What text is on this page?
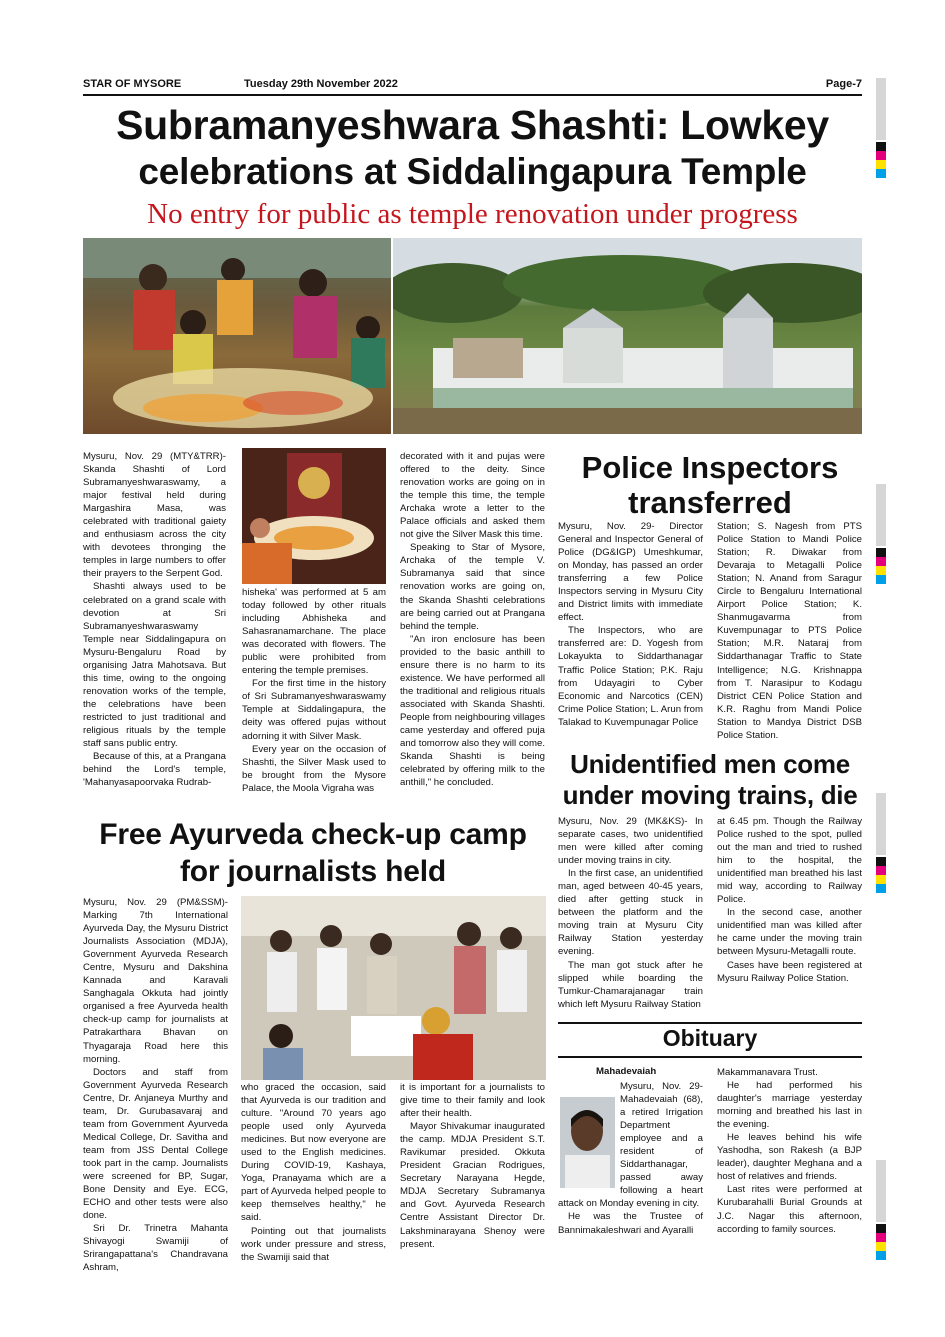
STAR OF MYSORE	Tuesday 29th November 2022	Page-7
Subramanyeshwara Shashti: Lowkey
celebrations at Siddalingapura Temple
No entry for public as temple renovation under progress

Mysuru, Nov. 29 (MTY&TRR)- Skanda Shashti of Lord Subramanyeshwaraswamy, a major festival held during Margashira Masa, was celebrated with traditional gaiety and enthusiasm across the city with devotees thronging the temples in large numbers to offer their prayers to the Serpent God.

Shashti always used to be celebrated on a grand scale with devotion at Sri Subramanyeshwaraswamy Temple near Siddalingapura on Mysuru-Bengaluru Road by organising Jatra Mahotsava. But this time, owing to the ongoing renovation works of the temple, the celebrations have been restricted to just traditional and religious rituals by the temple staff sans public entry.

Because of this, at a Prangana behind the Lord's temple, 'Mahanyasapoorvaka Rudrab-

hisheka' was performed at 5 am today followed by other rituals including Abhisheka and Sahasranamarchane. The place was decorated with flowers. The public were prohibited from entering the temple premises.

For the first time in the history of Sri Subramanyeshwaraswamy Temple at Siddalingapura, the deity was offered pujas without adorning it with Silver Mask.

Every year on the occasion of Shashti, the Silver Mask used to be brought from the Mysore Palace, the Moola Vigraha was

decorated with it and pujas were offered to the deity. Since renovation works are going on in the temple this time, the temple Archaka wrote a letter to the Palace officials and asked them not give the Silver Mask this time.

Speaking to Star of Mysore, Archaka of the temple V. Subramanya said that since renovation works are going on, the Skanda Shashti celebrations are being carried out at Prangana behind the temple.

"An iron enclosure has been provided to the basic anthill to ensure there is no harm to its existence. We have performed all the traditional and religious rituals associated with Skanda Shashti. People from neighbouring villages came yesterday and offered puja and tomorrow also they will come. Skanda Shashti is being celebrated by offering milk to the anthill," he concluded.

Police Inspectors
transferred

Mysuru, Nov. 29- Director General and Inspector General of Police (DG&IGP) Umeshkumar, on Monday, has passed an order transferring a few Police Inspectors serving in Mysuru City and District limits with immediate effect.

The Inspectors, who are transferred are: D. Yogesh from Lokayukta to Siddarthanagar Traffic Police Station; P.K. Raju from Udayagiri to Cyber Economic and Narcotics (CEN) Crime Police Station; L. Arun from Talakad to Kuvempunagar Police

Station; S. Nagesh from PTS Police Station to Mandi Police Station; R. Diwakar from Devaraja to Metagalli Police Station; N. Anand from Saragur Circle to Bengaluru International Airport Police Station; K. Shanmugavarma from Kuvempunagar to PTS Police Station; M.R. Nataraj from Siddarthanagar Traffic to State Intelligence; N.G. Krishnappa from T. Narasipur to Kodagu District CEN Police Station and K.R. Raghu from Mandi Police Station to Mandya District DSB Police Station.

Unidentified men come
under moving trains, die

Mysuru, Nov. 29 (MK&KS)- In separate cases, two unidentified men were killed after coming under moving trains in city.

In the first case, an unidentified man, aged between 40-45 years, died after getting stuck in between the platform and the moving train at Mysuru City Railway Station yesterday evening.

The man got stuck after he slipped while boarding the Tumkur-Chamarajanagar train which left Mysuru Railway Station

at 6.45 pm. Though the Railway Police rushed to the spot, pulled out the man and tried to rushed him to the hospital, the unidentified man breathed his last mid way, according to Railway Police.

In the second case, another unidentified man was killed after he came under the moving train between Mysuru-Metagalli route.

Cases have been registered at Mysuru Railway Police Station.

Free Ayurveda check-up camp
for journalists held

Mysuru, Nov. 29 (PM&SSM)- Marking 7th International Ayurveda Day, the Mysuru District Journalists Association (MDJA), Government Ayurveda Research Centre, Mysuru and Dakshina Kannada and Karavali Sanghagala Okkuta had jointly organised a free Ayurveda health check-up camp for journalists at Patrakarthara Bhavan on Thyagaraja Road here this morning.

Doctors and staff from Government Ayurveda Research Centre, Dr. Anjaneya Murthy and team, Dr. Gurubasavaraj and team from Government Ayurveda Medical College, Dr. Savitha and team from JSS Dental College took part in the camp. Journalists were screened for BP, Sugar, Bone Density and Eye. ECG, ECHO and other tests were also done.

Sri Dr. Trinetra Mahanta Shivayogi Swamiji of Srirangapattana's Chandravana Ashram,

who graced the occasion, said that Ayurveda is our tradition and culture. "Around 70 years ago people used only Ayurveda medicines. But now everyone are used to the English medicines. During COVID-19, Kashaya, Yoga, Pranayama which are a part of Ayurveda helped people to keep themselves healthy," he said.

Pointing out that journalists work under pressure and stress, the Swamiji said that

it is important for a journalists to give time to their family and look after their health.

Mayor Shivakumar inaugurated the camp. MDJA President S.T. Ravikumar presided. Okkuta President Gracian Rodrigues, Secretary Narayana Hegde, MDJA Secretary Subramanya and Govt. Ayurveda Research Centre Assistant Director Dr. Lakshminarayana Shenoy were present.

Obituary
Mahadevaiah

Mysuru, Nov. 29- Mahadevaiah (68), a retired Irrigation Department employee and a resident of Siddarthanagar, passed away following a heart attack on Monday evening in city.

He was the Trustee of Bannimakaleshwari and Ayaralli

Makammanavara Trust.

He had performed his daughter's marriage yesterday morning and breathed his last in the evening.

He leaves behind his wife Yashodha, son Rakesh (a BJP leader), daughter Meghana and a host of relatives and friends.

Last rites were performed at Kurubarahalli Burial Grounds at J.C. Nagar this afternoon, according to family sources.
